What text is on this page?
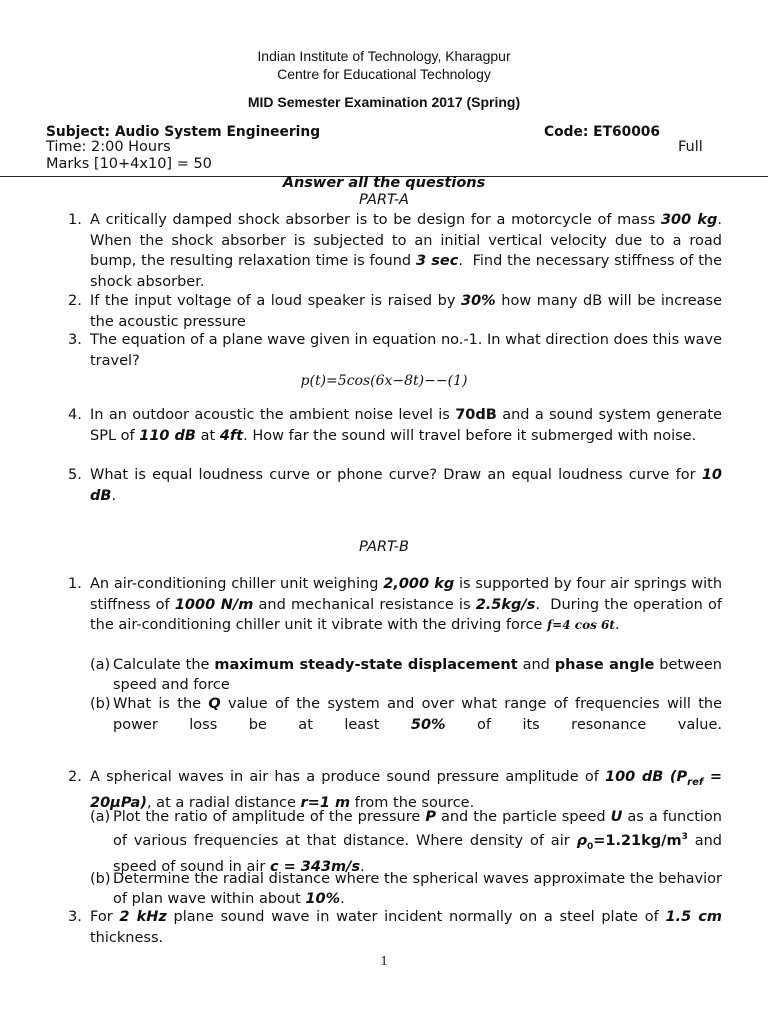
Indian Institute of Technology, Kharagpur
Centre for Educational Technology
MID Semester Examination 2017 (Spring)
Subject: Audio System Engineering	Code: ET60006
Time: 2:00 Hours	Full
Marks [10+4x10] = 50
Answer all the questions
PART-A
1. A critically damped shock absorber is to be design for a motorcycle of mass 300 kg. When the shock absorber is subjected to an initial vertical velocity due to a road bump, the resulting relaxation time is found 3 sec.  Find the necessary stiffness of the shock absorber.
2. If the input voltage of a loud speaker is raised by 30% how many dB will be increase the acoustic pressure
3. The equation of a plane wave given in equation no.-1. In what direction does this wave travel?
p(t)=5cos(6x−8t)−−(1)
4. In an outdoor acoustic the ambient noise level is 70dB and a sound system generate SPL of 110 dB at 4ft. How far the sound will travel before it submerged with noise.
5. What is equal loudness curve or phone curve? Draw an equal loudness curve for 10 dB.
PART-B
1. An air-conditioning chiller unit weighing 2,000 kg is supported by four air springs with stiffness of 1000 N/m and mechanical resistance is 2.5kg/s.  During the operation of the air-conditioning chiller unit it vibrate with the driving force f=4 cos 6t.
(a) Calculate the maximum steady-state displacement and phase angle between speed and force
(b) What is the Q value of the system and over what range of frequencies will the power loss be at least 50% of its resonance value.
2. A spherical waves in air has a produce sound pressure amplitude of 100 dB $(P_{ref} = 20\mu Pa)$, at a radial distance r=1 m from the source.
(a) Plot the ratio of amplitude of the pressure P and the particle speed U as a function of various frequencies at that distance. Where density of air $\rho_0=1.21kg/m^3$ and speed of sound in air c = 343m/s.
(b) Determine the radial distance where the spherical waves approximate the behavior of plan wave within about 10%.
3. For 2 kHz plane sound wave in water incident normally on a steel plate of 1.5 cm thickness.
1
